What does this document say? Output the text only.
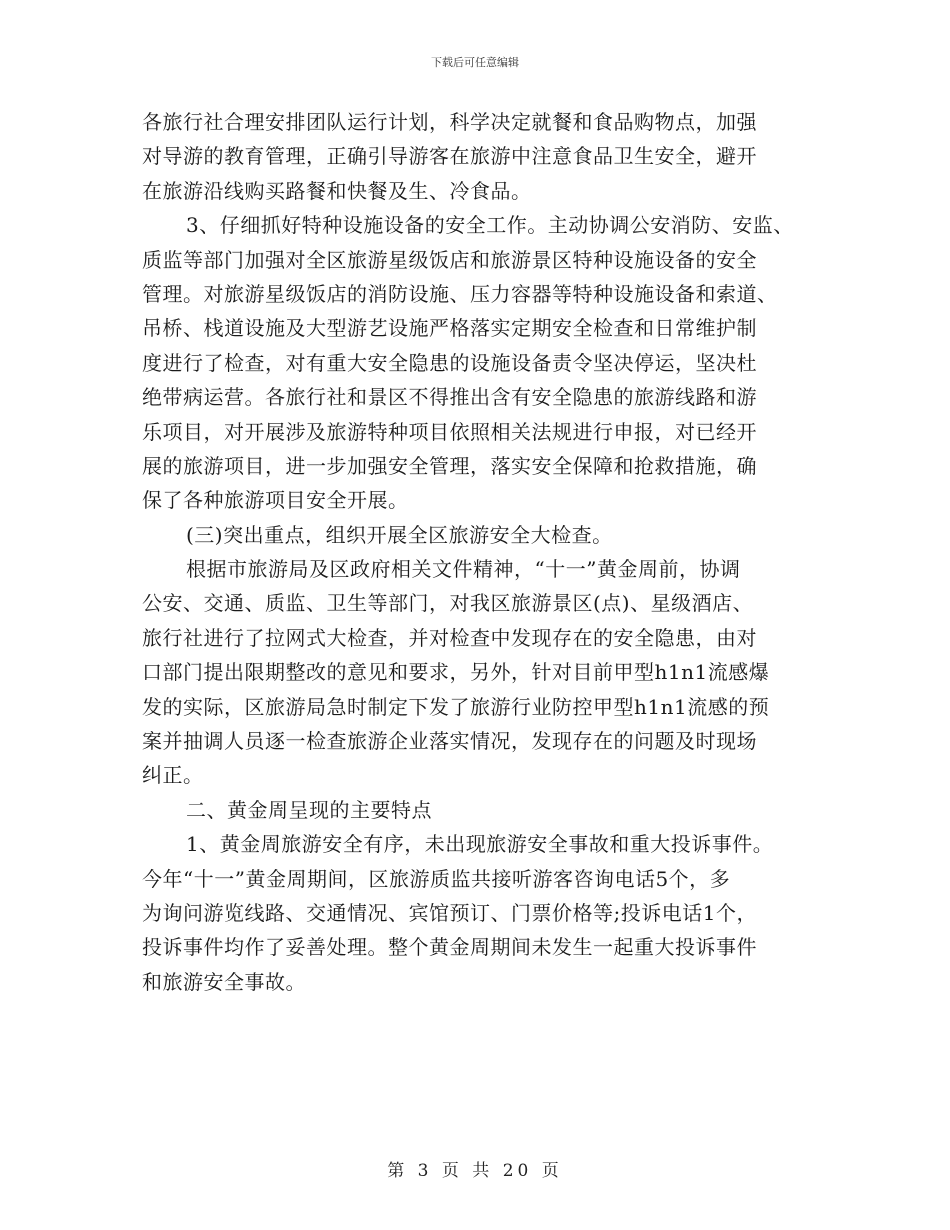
下载后可任意编辑
各旅行社合理安排团队运行计划，科学决定就餐和食品购物点，加强
对导游的教育管理，正确引导游客在旅游中注意食品卫生安全，避开
在旅游沿线购买路餐和快餐及生、冷食品。
3、仔细抓好特种设施设备的安全工作。主动协调公安消防、安监、
质监等部门加强对全区旅游星级饭店和旅游景区特种设施设备的安全
管理。对旅游星级饭店的消防设施、压力容器等特种设施设备和索道、
吊桥、栈道设施及大型游艺设施严格落实定期安全检查和日常维护制
度进行了检查，对有重大安全隐患的设施设备责令坚决停运，坚决杜
绝带病运营。各旅行社和景区不得推出含有安全隐患的旅游线路和游
乐项目，对开展涉及旅游特种项目依照相关法规进行申报，对已经开
展的旅游项目，进一步加强安全管理，落实安全保障和抢救措施，确
保了各种旅游项目安全开展。
(三)突出重点，组织开展全区旅游安全大检查。
根据市旅游局及区政府相关文件精神，“十一”黄金周前，协调
公安、交通、质监、卫生等部门，对我区旅游景区(点)、星级酒店、
旅行社进行了拉网式大检查，并对检查中发现存在的安全隐患，由对
口部门提出限期整改的意见和要求，另外，针对目前甲型h1n1流感爆
发的实际，区旅游局急时制定下发了旅游行业防控甲型h1n1流感的预
案并抽调人员逐一检查旅游企业落实情况，发现存在的问题及时现场
纠正。
二、黄金周呈现的主要特点
1、黄金周旅游安全有序，未出现旅游安全事故和重大投诉事件。
今年“十一”黄金周期间，区旅游质监共接听游客咨询电话5个，多
为询问游览线路、交通情况、宾馆预订、门票价格等;投诉电话1个，
投诉事件均作了妥善处理。整个黄金周期间未发生一起重大投诉事件
和旅游安全事故。
第 3 页 共 20 页
